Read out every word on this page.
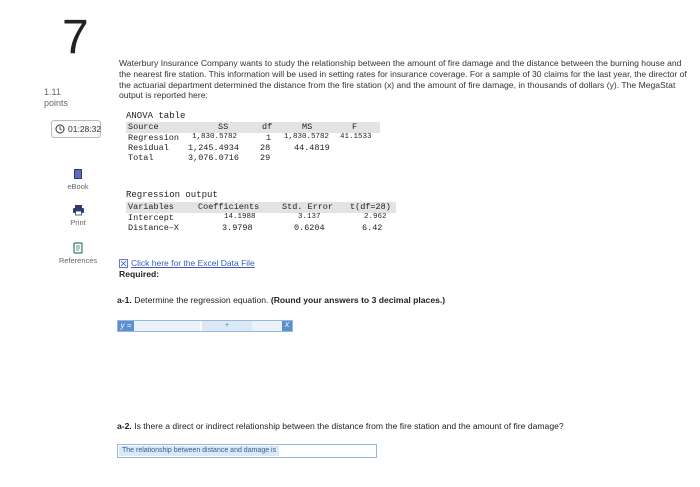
7
1.11
points
01:28:32
eBook
Print
References
Waterbury Insurance Company wants to study the relationship between the amount of fire damage and the distance between the burning house and the nearest fire station. This information will be used in setting rates for insurance coverage. For a sample of 30 claims for the last year, the director of the actuarial department determined the distance from the fire station (x) and the amount of fire damage, in thousands of dollars (y). The MegaStat output is reported here:
ANOVA table
Source	SS	df	MS	F
Regression 1,830.5782	1 1,830.5782 41.1533
Residual 1,245.4934 28	44.4819
Total	3,076.0716 29
Regression output
Variables	Coefficients	Std. Error t(df=28)
Intercept	14.1988	3.137	2.962
Distance–X	3.9798	0.6204	6.42
Click here for the Excel Data File
Required:
a-1. Determine the regression equation. (Round your answers to 3 decimal places.)
y =	+	X
a-2. Is there a direct or indirect relationship between the distance from the fire station and the amount of fire damage?
The relationship between distance and damage is
